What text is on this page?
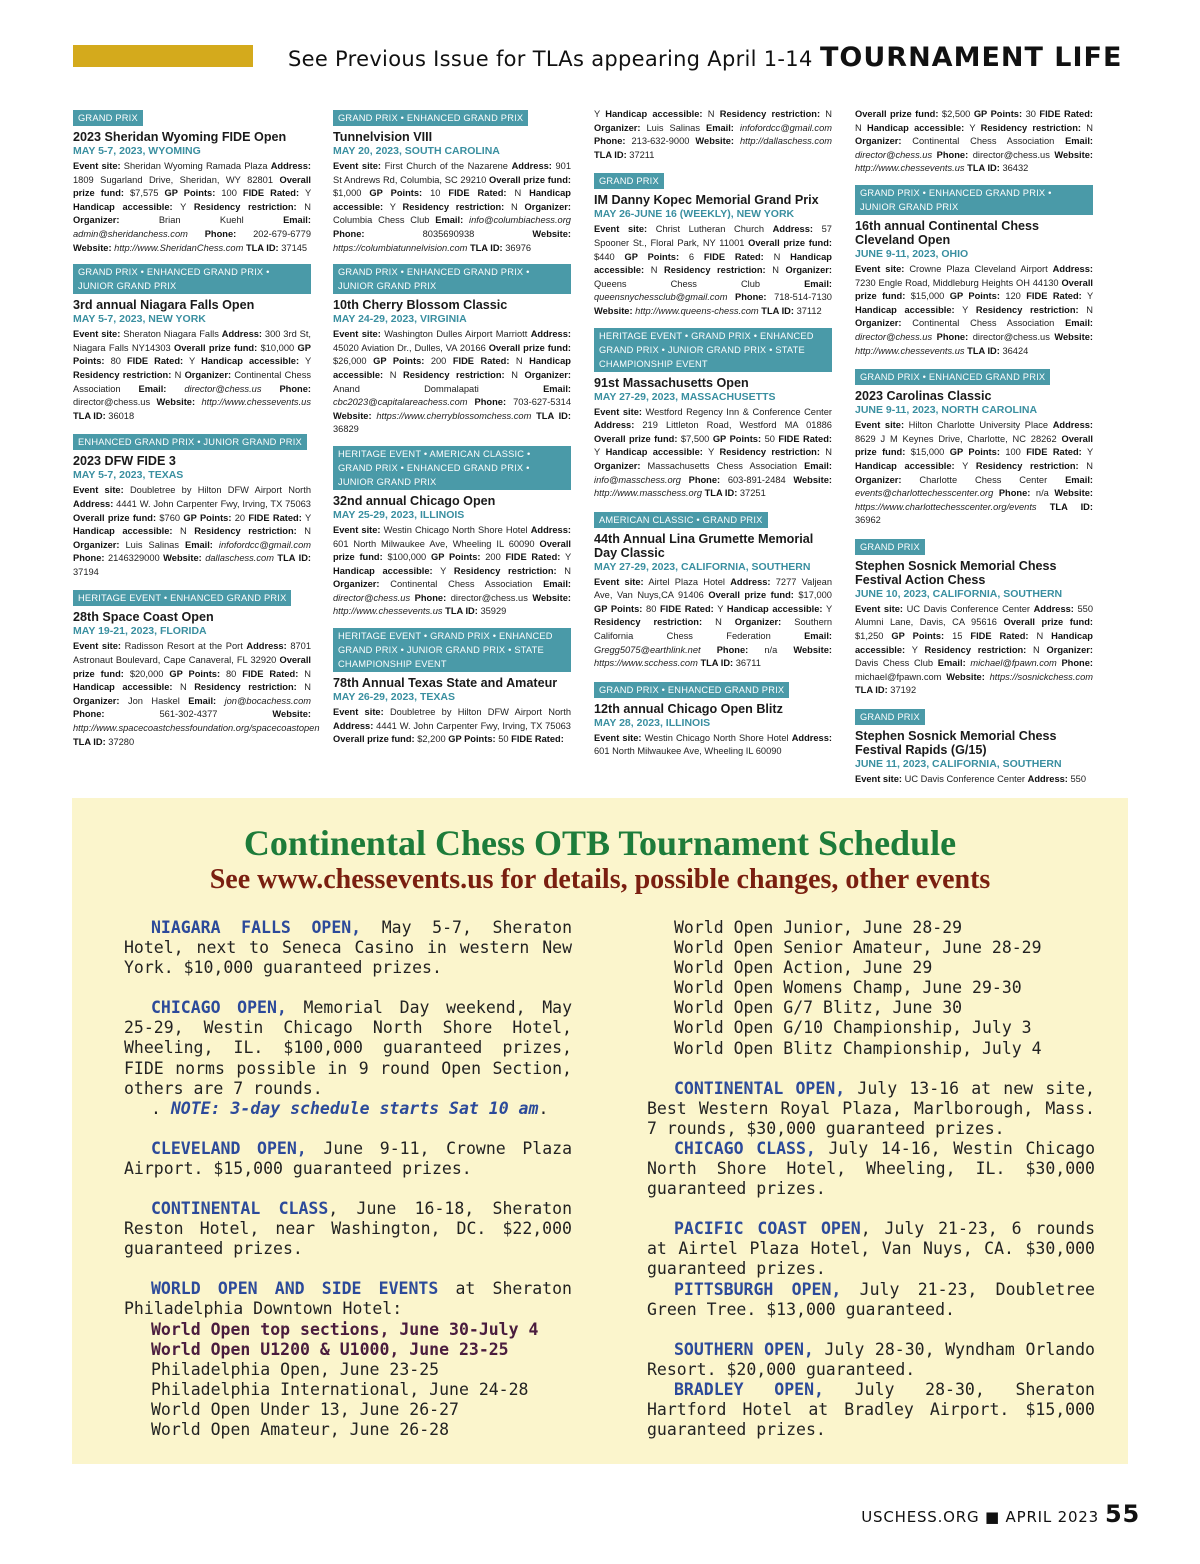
See Previous Issue for TLAs appearing April 1-14 TOURNAMENT LIFE
GRAND PRIX
2023 Sheridan Wyoming FIDE Open
MAY 5-7, 2023, WYOMING
Event site: Sheridan Wyoming Ramada Plaza Address: 1809 Sugarland Drive, Sheridan, WY 82801 Overall prize fund: $7,575 GP Points: 100 FIDE Rated: Y Handicap accessible: Y Residency restriction: N Organizer:	Brian Kuehl	Email: admin@sheridanchess.com Phone: 202-679-6779 Website: http://www.SheridanChess.com TLA ID: 37145
GRAND PRIX • ENHANCED GRAND PRIX • JUNIOR GRAND PRIX
3rd annual Niagara Falls Open
MAY 5-7, 2023, NEW YORK
Event site: Sheraton Niagara Falls Address: 300 3rd St, Niagara Falls NY14303 Overall prize fund: $10,000 GP Points: 80 FIDE Rated: Y Handicap accessible: Y Residency restriction: N Organizer: Continental Chess Association Email: director@chess.us Phone: director@chess.us Website: http://www.chessevents.us TLA ID: 36018
ENHANCED GRAND PRIX • JUNIOR GRAND PRIX
2023 DFW FIDE 3
MAY 5-7, 2023, TEXAS
Event site: Doubletree by Hilton DFW Airport North Address: 4441 W. John Carpenter Fwy, Irving, TX 75063 Overall prize fund: $760 GP Points: 20 FIDE Rated: Y Handicap accessible: N Residency restriction: N Organizer: Luis Salinas Email: infofordcc@gmail.com Phone: 2146329000 Website: dallaschess.com TLA ID: 37194
HERITAGE EVENT • ENHANCED GRAND PRIX
28th Space Coast Open
MAY 19-21, 2023, FLORIDA
Event site: Radisson Resort at the Port Address: 8701 Astronaut Boulevard, Cape Canaveral, FL 32920 Overall prize fund: $20,000 GP Points: 80 FIDE Rated: N Handicap accessible: N Residency restriction: N Organizer: Jon Haskel Email: jon@bocachess.com Phone:	561-302-4377	Website: http://www.spacecoastchessfoundation.org/spacecoastopen TLA ID: 37280
GRAND PRIX • ENHANCED GRAND PRIX
Tunnelvision VIII
MAY 20, 2023, SOUTH CAROLINA
Event site: First Church of the Nazarene Address: 901 St Andrews Rd, Columbia, SC 29210 Overall prize fund: $1,000 GP Points: 10 FIDE Rated: N Handicap accessible: Y Residency restriction: N Organizer: Columbia Chess Club Email: info@columbiachess.org Phone:	8035690938	Website: https://columbiatunnelvision.com TLA ID: 36976
GRAND PRIX • ENHANCED GRAND PRIX • JUNIOR GRAND PRIX
10th Cherry Blossom Classic
MAY 24-29, 2023, VIRGINIA
Event site: Washington Dulles Airport Marriott Address: 45020 Aviation Dr., Dulles, VA 20166 Overall prize fund: $26,000 GP Points: 200 FIDE Rated: N Handicap accessible: N Residency restriction: N Organizer: Anand Dommalapati	Email: cbc2023@capitalareachess.com Phone: 703-627-5314 Website: https://www.cherryblossomchess.com TLA ID: 36829
HERITAGE EVENT • AMERICAN CLASSIC • GRAND PRIX • ENHANCED GRAND PRIX • JUNIOR GRAND PRIX
32nd annual Chicago Open
MAY 25-29, 2023, ILLINOIS
Event site: Westin Chicago North Shore Hotel Address: 601 North Milwaukee Ave, Wheeling IL 60090 Overall prize fund: $100,000 GP Points: 200 FIDE Rated: Y Handicap accessible: Y Residency restriction: N Organizer: Continental Chess Association Email: director@chess.us Phone: director@chess.us Website: http://www.chessevents.us TLA ID: 35929
HERITAGE EVENT • GRAND PRIX • ENHANCED GRAND PRIX • JUNIOR GRAND PRIX • STATE CHAMPIONSHIP EVENT
78th Annual Texas State and Amateur
MAY 26-29, 2023, TEXAS
Event site: Doubletree by Hilton DFW Airport North Address: 4441 W. John Carpenter Fwy, Irving, TX 75063 Overall prize fund: $2,200 GP Points: 50 FIDE Rated:
Y Handicap accessible: N Residency restriction: N Organizer: Luis Salinas Email: infofordcc@gmail.com Phone: 213-632-9000 Website: http://dallaschess.com TLA ID: 37211
GRAND PRIX
IM Danny Kopec Memorial Grand Prix
MAY 26-JUNE 16 (WEEKLY), NEW YORK
Event site: Christ Lutheran Church Address: 57 Spooner St., Floral Park, NY 11001 Overall prize fund: $440 GP Points: 6 FIDE Rated: N Handicap accessible: N Residency restriction: N Organizer: Queens Chess Club	Email: queensnychessclub@gmail.com Phone: 718-514-7130 Website: http://www.queens-chess.com TLA ID: 37112
HERITAGE EVENT • GRAND PRIX • ENHANCED GRAND PRIX • JUNIOR GRAND PRIX • STATE CHAMPIONSHIP EVENT
91st Massachusetts Open
MAY 27-29, 2023, MASSACHUSETTS
Event site: Westford Regency Inn & Conference Center Address: 219 Littleton Road, Westford MA 01886 Overall prize fund: $7,500 GP Points: 50 FIDE Rated: Y Handicap accessible: Y Residency restriction: N Organizer: Massachusetts Chess Association Email: info@masschess.org Phone: 603-891-2484 Website: http://www.masschess.org TLA ID: 37251
AMERICAN CLASSIC • GRAND PRIX
44th Annual Lina Grumette Memorial Day Classic
MAY 27-29, 2023, CALIFORNIA, SOUTHERN
Event site: Airtel Plaza Hotel Address: 7277 Valjean Ave, Van Nuys,CA 91406 Overall prize fund: $17,000 GP Points: 80 FIDE Rated: Y Handicap accessible: Y Residency restriction: N Organizer: Southern California Chess Federation	Email: Gregg5075@earthlink.net Phone: n/a Website: https://www.scchess.com TLA ID: 36711
GRAND PRIX • ENHANCED GRAND PRIX
12th annual Chicago Open Blitz
MAY 28, 2023, ILLINOIS
Event site: Westin Chicago North Shore Hotel Address: 601 North Milwaukee Ave, Wheeling IL 60090
Overall prize fund: $2,500 GP Points: 30 FIDE Rated: N Handicap accessible: Y Residency restriction: N Organizer: Continental Chess Association Email: director@chess.us Phone: director@chess.us Website: http://www.chessevents.us TLA ID: 36432
GRAND PRIX • ENHANCED GRAND PRIX • JUNIOR GRAND PRIX
16th annual Continental Chess Cleveland Open
JUNE 9-11, 2023, OHIO
Event site: Crowne Plaza Cleveland Airport Address: 7230 Engle Road, Middleburg Heights OH 44130 Overall prize fund: $15,000 GP Points: 120 FIDE Rated: Y Handicap accessible: Y Residency restriction: N Organizer: Continental Chess Association Email: director@chess.us Phone: director@chess.us Website: http://www.chessevents.us TLA ID: 36424
GRAND PRIX • ENHANCED GRAND PRIX
2023 Carolinas Classic
JUNE 9-11, 2023, NORTH CAROLINA
Event site: Hilton Charlotte University Place Address: 8629 J M Keynes Drive, Charlotte, NC 28262 Overall prize fund: $15,000 GP Points: 100 FIDE Rated: Y Handicap accessible: Y Residency restriction: N Organizer: Charlotte Chess Center Email: events@charlottechesscenter.org Phone: n/a Website: https://www.charlottechesscenter.org/events TLA ID: 36962
GRAND PRIX
Stephen Sosnick Memorial Chess Festival Action Chess
JUNE 10, 2023, CALIFORNIA, SOUTHERN
Event site: UC Davis Conference Center Address: 550 Alumni Lane, Davis, CA 95616 Overall prize fund: $1,250 GP Points: 15 FIDE Rated: N Handicap accessible: Y Residency restriction: N Organizer: Davis Chess Club Email: michael@fpawn.com Phone: michael@fpawn.com Website: https://sosnickchess.com TLA ID: 37192
GRAND PRIX
Stephen Sosnick Memorial Chess Festival Rapids (G/15)
JUNE 11, 2023, CALIFORNIA, SOUTHERN
Event site: UC Davis Conference Center Address: 550
Continental Chess OTB Tournament Schedule
See www.chessevents.us for details, possible changes, other events

NIAGARA FALLS OPEN, May 5-7, Sheraton Hotel, next to Seneca Casino in western New York. $10,000 guaranteed prizes.

CHICAGO OPEN, Memorial Day weekend, May 25-29, Westin Chicago North Shore Hotel, Wheeling, IL. $100,000 guaranteed prizes, FIDE norms possible in 9 round Open Section, others are 7 rounds.

. NOTE: 3-day schedule starts Sat 10 am.

CLEVELAND OPEN, June 9-11, Crowne Plaza Airport. $15,000 guaranteed prizes.

CONTINENTAL CLASS, June 16-18, Sheraton Reston Hotel, near Washington, DC. $22,000 guaranteed prizes.

WORLD OPEN AND SIDE EVENTS at Sheraton Philadelphia Downtown Hotel:

World Open top sections, June 30-July 4

World Open U1200 & U1000, June 23-25

Philadelphia Open, June 23-25

Philadelphia International, June 24-28

World Open Under 13, June 26-27

World Open Amateur, June 26-28

World Open Junior, June 28-29

World Open Senior Amateur, June 28-29

World Open Action, June 29

World Open Womens Champ, June 29-30

World Open G/7 Blitz, June 30

World Open G/10 Championship, July 3

World Open Blitz Championship, July 4

CONTINENTAL OPEN, July 13-16 at new site, Best Western Royal Plaza, Marlborough, Mass. 7 rounds, $30,000 guaranteed prizes.

CHICAGO CLASS, July 14-16, Westin Chicago North Shore Hotel, Wheeling, IL. $30,000 guaranteed prizes.

PACIFIC COAST OPEN, July 21-23, 6 rounds at Airtel Plaza Hotel, Van Nuys, CA. $30,000 guaranteed prizes.

PITTSBURGH OPEN, July 21-23, Doubletree Green Tree. $13,000 guaranteed.

SOUTHERN OPEN, July 28-30, Wyndham Orlando Resort. $20,000 guaranteed.

BRADLEY OPEN, July 28-30, Sheraton Hartford Hotel at Bradley Airport. $15,000 guaranteed prizes.

USCHESS.ORG ■ APRIL 2023 55
